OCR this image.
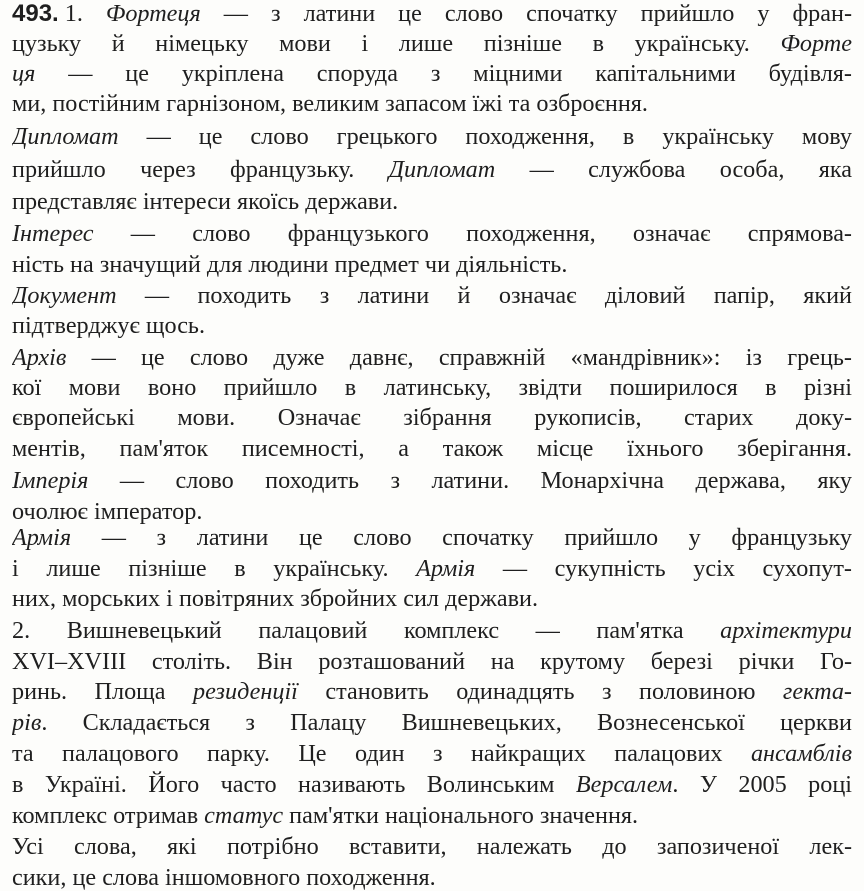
493. 1. Фортеця — з латини це слово спочатку прийшло у фран-
цузьку й німецьку мови і лише пізніше в українську. Форте
ця — це укріплена споруда з міцними капітальними будівля-
ми, постійним гарнізоном, великим запасом їжі та озброєння.
Дипломат — це слово грецького походження, в українську мову
прийшло через французьку. Дипломат — службова особа, яка
представляє інтереси якоїсь держави.
Інтерес — слово французького походження, означає спрямова-
ність на значущий для людини предмет чи діяльність.
Документ — походить з латини й означає діловий папір, який
підтверджує щось.
Архів — це слово дуже давнє, справжній «мандрівник»: із грець-
кої мови воно прийшло в латинську, звідти поширилося в різні
європейські мови. Означає зібрання рукописів, старих доку-
ментів, пам'яток писемності, а також місце їхнього зберігання.
Імперія — слово походить з латини. Монархічна держава, яку
очолює імператор.
Армія — з латини це слово спочатку прийшло у французьку
і лише пізніше в українську. Армія — сукупність усіх сухопут-
них, морських і повітряних збройних сил держави.
2. Вишневецький палацовий комплекс — пам'ятка архітектури
XVI–XVIII століть. Він розташований на крутому березі річки Го-
ринь. Площа резиденції становить одинадцять з половиною гекта-
рів. Складається з Палацу Вишневецьких, Вознесенської церкви
та палацового парку. Це один з найкращих палацових ансамблів
в Україні. Його часто називають Волинським Версалем. У 2005 році
комплекс отримав статус пам'ятки національного значення.
Усі слова, які потрібно вставити, належать до запозиченої лек-
сики, це слова іншомовного походження.
